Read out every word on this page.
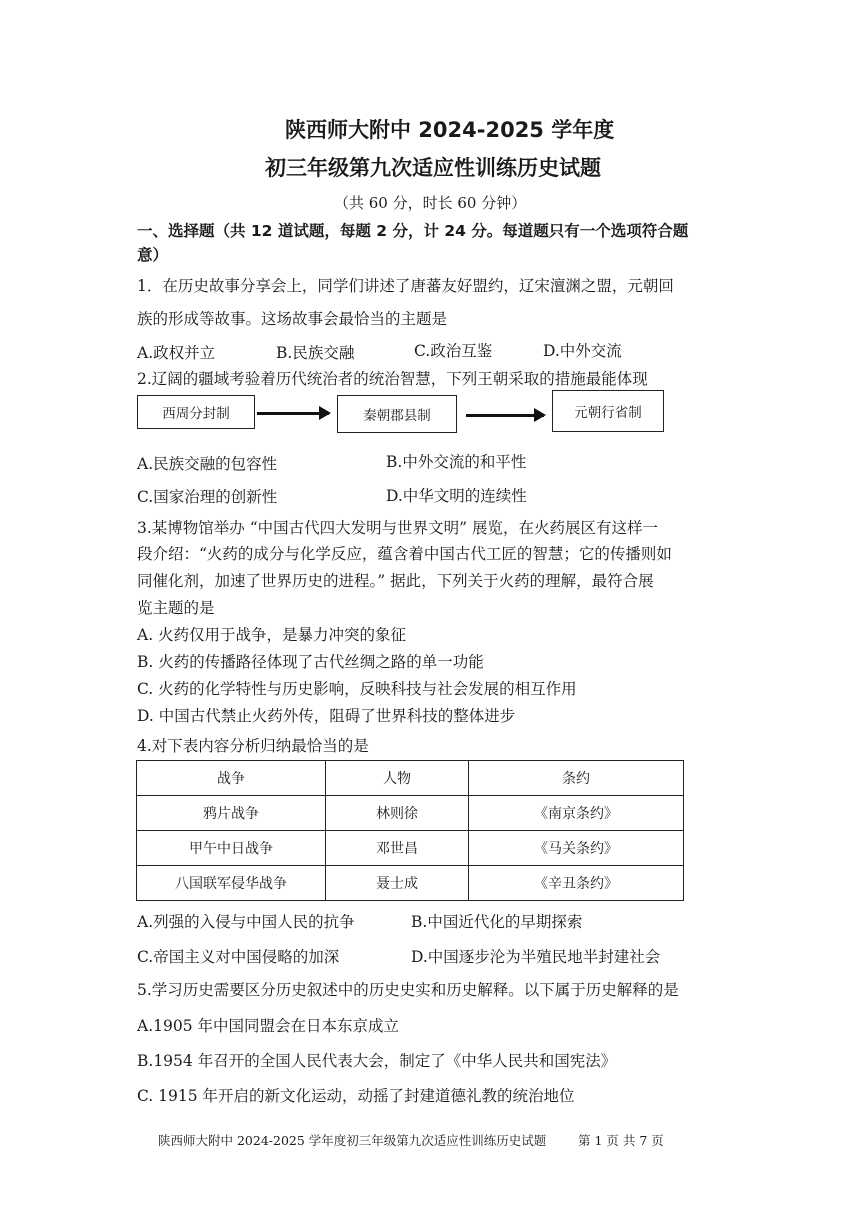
陕西师大附中 2024-2025 学年度
初三年级第九次适应性训练历史试题
（共 60 分，时长 60 分钟）
一、选择题（共 12 道试题，每题 2 分，计 24 分。每道题只有一个选项符合题
意）
1．在历史故事分享会上，同学们讲述了唐蕃友好盟约，辽宋澶渊之盟，元朝回
族的形成等故事。这场故事会最恰当的主题是
A.政权并立	B.民族交融	C.政治互鉴	D.中外交流
2.辽阔的疆域考验着历代统治者的统治智慧，下列王朝采取的措施最能体现
西周分封制	秦朝郡县制	元朝行省制
A.民族交融的包容性	B.中外交流的和平性
C.国家治理的创新性	D.中华文明的连续性
3.某博物馆举办 “中国古代四大发明与世界文明” 展览，在火药展区有这样一
段介绍：“火药的成分与化学反应，蕴含着中国古代工匠的智慧；它的传播则如
同催化剂，加速了世界历史的进程。” 据此，下列关于火药的理解，最符合展
览主题的是
A. 火药仅用于战争，是暴力冲突的象征
B. 火药的传播路径体现了古代丝绸之路的单一功能
C. 火药的化学特性与历史影响，反映科技与社会发展的相互作用
D. 中国古代禁止火药外传，阻碍了世界科技的整体进步
4.对下表内容分析归纳最恰当的是
战争	人物	条约
鸦片战争	林则徐	《南京条约》
甲午中日战争	邓世昌	《马关条约》
八国联军侵华战争	聂士成	《辛丑条约》
A.列强的入侵与中国人民的抗争	B.中国近代化的早期探索
C.帝国主义对中国侵略的加深	D.中国逐步沦为半殖民地半封建社会
5.学习历史需要区分历史叙述中的历史史实和历史解释。以下属于历史解释的是
A.1905 年中国同盟会在日本东京成立
B.1954 年召开的全国人民代表大会，制定了《中华人民共和国宪法》
C. 1915 年开启的新文化运动，动摇了封建道德礼教的统治地位
陕西师大附中 2024-2025 学年度初三年级第九次适应性训练历史试题	第 1 页 共 7 页
